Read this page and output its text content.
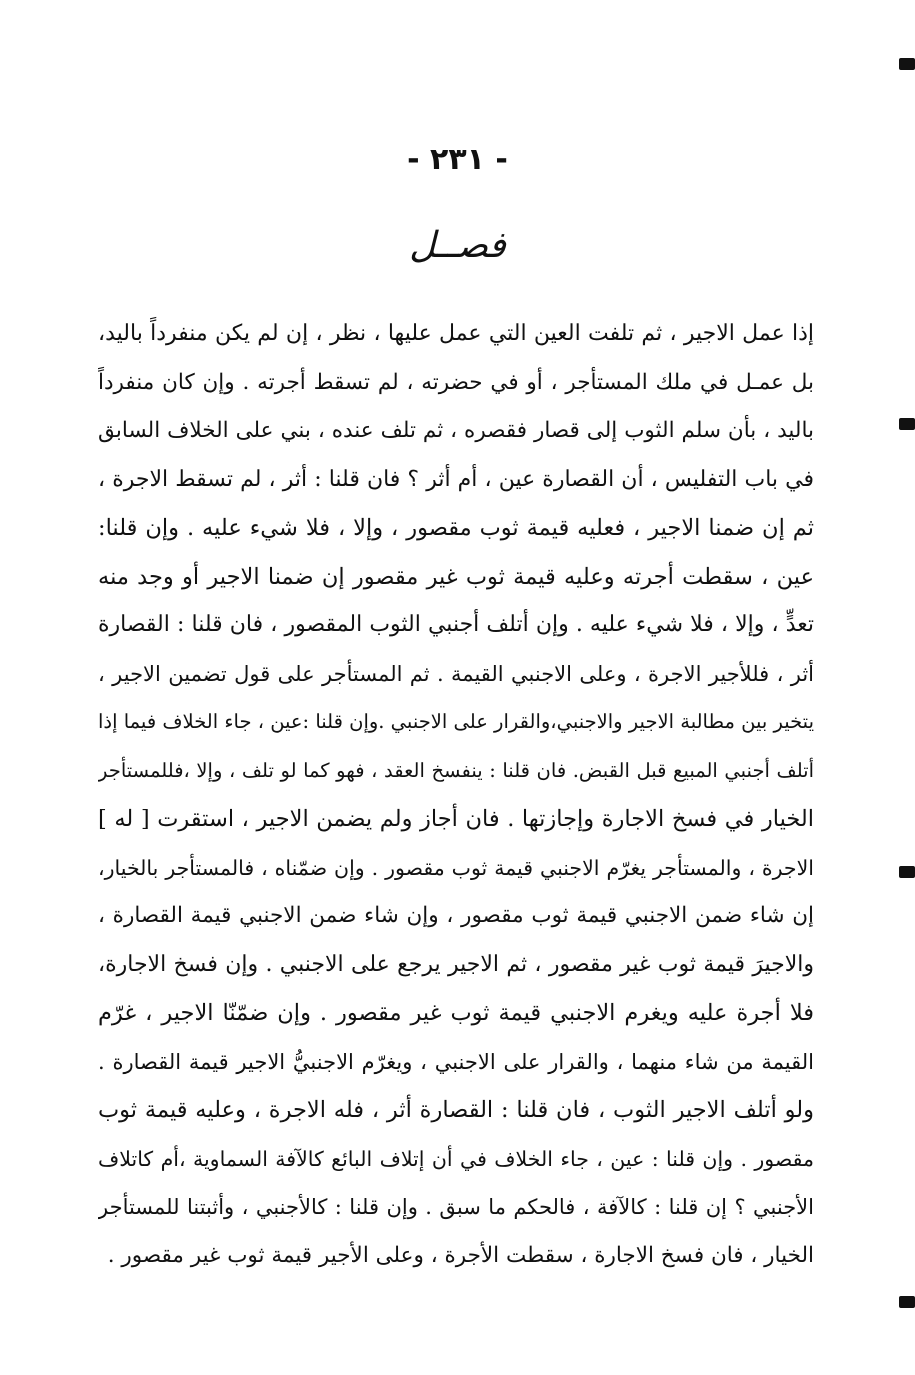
- ٢٣١ -
فصــل
إذا عمل الاجير ، ثم تلفت العين التي عمل عليها ، نظر ، إن لم يكن منفرداً باليد،
بل عمـل في ملك المستأجر ، أو في حضرته ، لم تسقط أجرته . وإن كان منفرداً
باليد ، بأن سلم الثوب إلى قصار فقصره ، ثم تلف عنده ، بني على الخلاف السابق
في باب التفليس ، أن القصارة عين ، أم أثر ؟ فان قلنا : أثر ، لم تسقط الاجرة ،
ثم إن ضمنا الاجير ، فعليه قيمة ثوب مقصور ، وإلا ، فلا شيء عليه . وإن قلنا:
عين ، سقطت أجرته وعليه قيمة ثوب غير مقصور إن ضمنا الاجير أو وجد منه
تعدٍّ ، وإلا ، فلا شيء عليه . وإن أتلف أجنبي الثوب المقصور ، فان قلنا : القصارة
أثر ، فللأجير الاجرة ، وعلى الاجنبي القيمة . ثم المستأجر على قول تضمين الاجير ،
يتخير بين مطالبة الاجير والاجنبي،والقرار على الاجنبي .وإن قلنا :عين ، جاء الخلاف فيما إذا
أتلف أجنبي المبيع قبل القبض. فان قلنا : ينفسخ العقد ، فهو كما لو تلف ، وإلا ،فللمستأجر
الخيار في فسخ الاجارة وإجازتها . فان أجاز ولم يضمن الاجير ، استقرت [ له ]
الاجرة ، والمستأجر يغرّم الاجنبي قيمة ثوب مقصور . وإن ضمّناه ، فالمستأجر بالخيار،
إن شاء ضمن الاجنبي قيمة ثوب مقصور ، وإن شاء ضمن الاجنبي قيمة القصارة ،
والاجيرَ قيمة ثوب غير مقصور ، ثم الاجير يرجع على الاجنبي . وإن فسخ الاجارة،
فلا أجرة عليه ويغرم الاجنبي قيمة ثوب غير مقصور . وإن ضمّنّا الاجير ، غرّم
القيمة من شاء منهما ، والقرار على الاجنبي ، ويغرّم الاجنبيُّ الاجير قيمة القصارة .
ولو أتلف الاجير الثوب ، فان قلنا : القصارة أثر ، فله الاجرة ، وعليه قيمة ثوب
مقصور . وإن قلنا : عين ، جاء الخلاف في أن إتلاف البائع كالآفة السماوية ،أم كاتلاف
الأجنبي ؟ إن قلنا : كالآفة ، فالحكم ما سبق . وإن قلنا : كالأجنبي ، وأثبتنا للمستأجر
الخيار ، فان فسخ الاجارة ، سقطت الأجرة ، وعلى الأجير قيمة ثوب غير مقصور .
